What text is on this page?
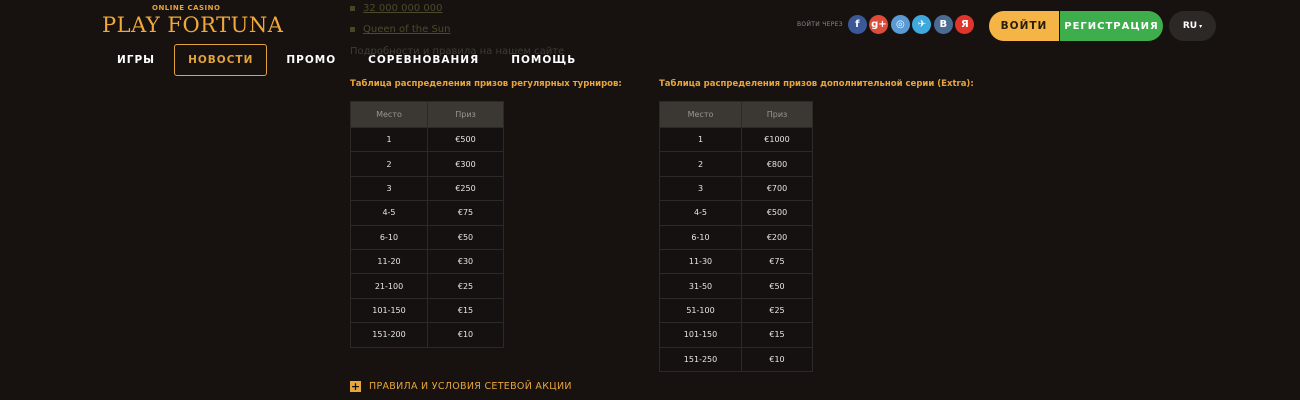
ONLINE CASINO
PLAY FORTUNA
ИГРЫ	НОВОСТИ	ПРОМО	СОРЕВНОВАНИЯ	ПОМОЩЬ
32 000 000 000
Queen of the Sun
Подробности и правила на нашем сайте
ВОЙТИ ЧЕРЕЗ	f	g+ ◎	✈	B	Я	ВОЙТИ	РЕГИСТРАЦИЯ	RU ▾
Таблица распределения призов регулярных турниров:
Место	Приз
1	€500
2	€300
3	€250
4-5	€75
6-10	€50
11-20	€30
21-100	€25
101-150	€15
151-200	€10
Таблица распределения призов дополнительной серии (Extra):
Место	Приз
1	€1000
2	€800
3	€700
4-5	€500
6-10	€200
11-30	€75
31-50	€50
51-100	€25
101-150	€15
151-250	€10
+ ПРАВИЛА И УСЛОВИЯ СЕТЕВОЙ АКЦИИ
